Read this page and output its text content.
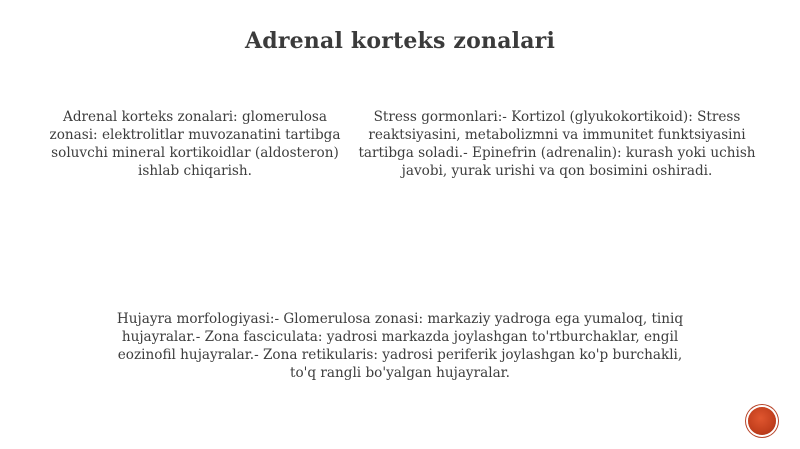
Adrenal korteks zonalari
Adrenal korteks zonalari: glomerulosa zonasi: elektrolitlar muvozanatini tartibga soluvchi mineral kortikoidlar (aldosteron) ishlab chiqarish.
Stress gormonlari:- Kortizol (glyukokortikoid): Stress reaktsiyasini, metabolizmni va immunitet funktsiyasini tartibga soladi.- Epinefrin (adrenalin): kurash yoki uchish javobi, yurak urishi va qon bosimini oshiradi.
Hujayra morfologiyasi:- Glomerulosa zonasi: markaziy yadroga ega yumaloq, tiniq hujayralar.- Zona fasciculata: yadrosi markazda joylashgan to'rtburchaklar, engil eozinofil hujayralar.- Zona retikularis: yadrosi periferik joylashgan ko'p burchakli, to'q rangli bo'yalgan hujayralar.
